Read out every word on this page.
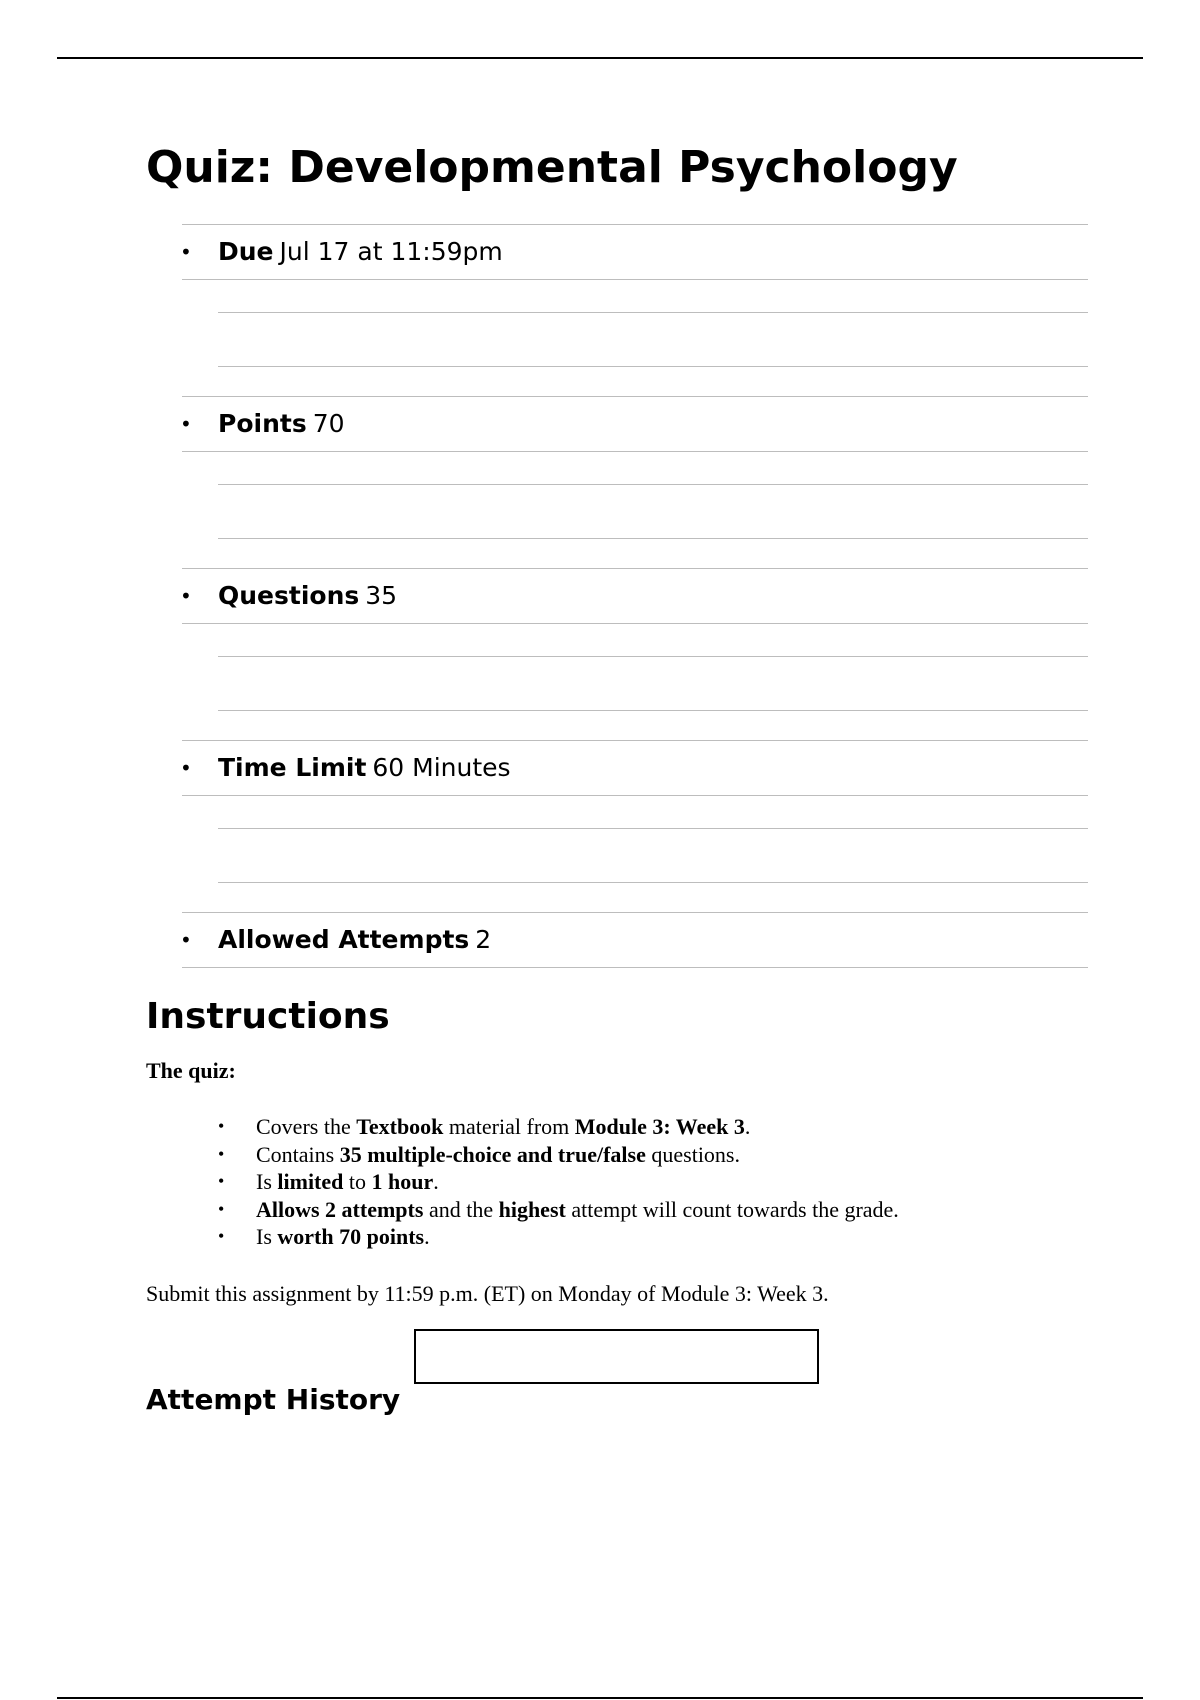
Quiz: Developmental Psychology
• Due Jul 17 at 11:59pm
• Points 70
• Questions 35
• Time Limit 60 Minutes
• Allowed Attempts 2
Instructions
The quiz:
• Covers the Textbook material from Module 3: Week 3.
• Contains 35 multiple-choice and true/false questions.
• Is limited to 1 hour.
• Allows 2 attempts and the highest attempt will count towards the grade.
• Is worth 70 points.
Submit this assignment by 11:59 p.m. (ET) on Monday of Module 3: Week 3.
Attempt History
